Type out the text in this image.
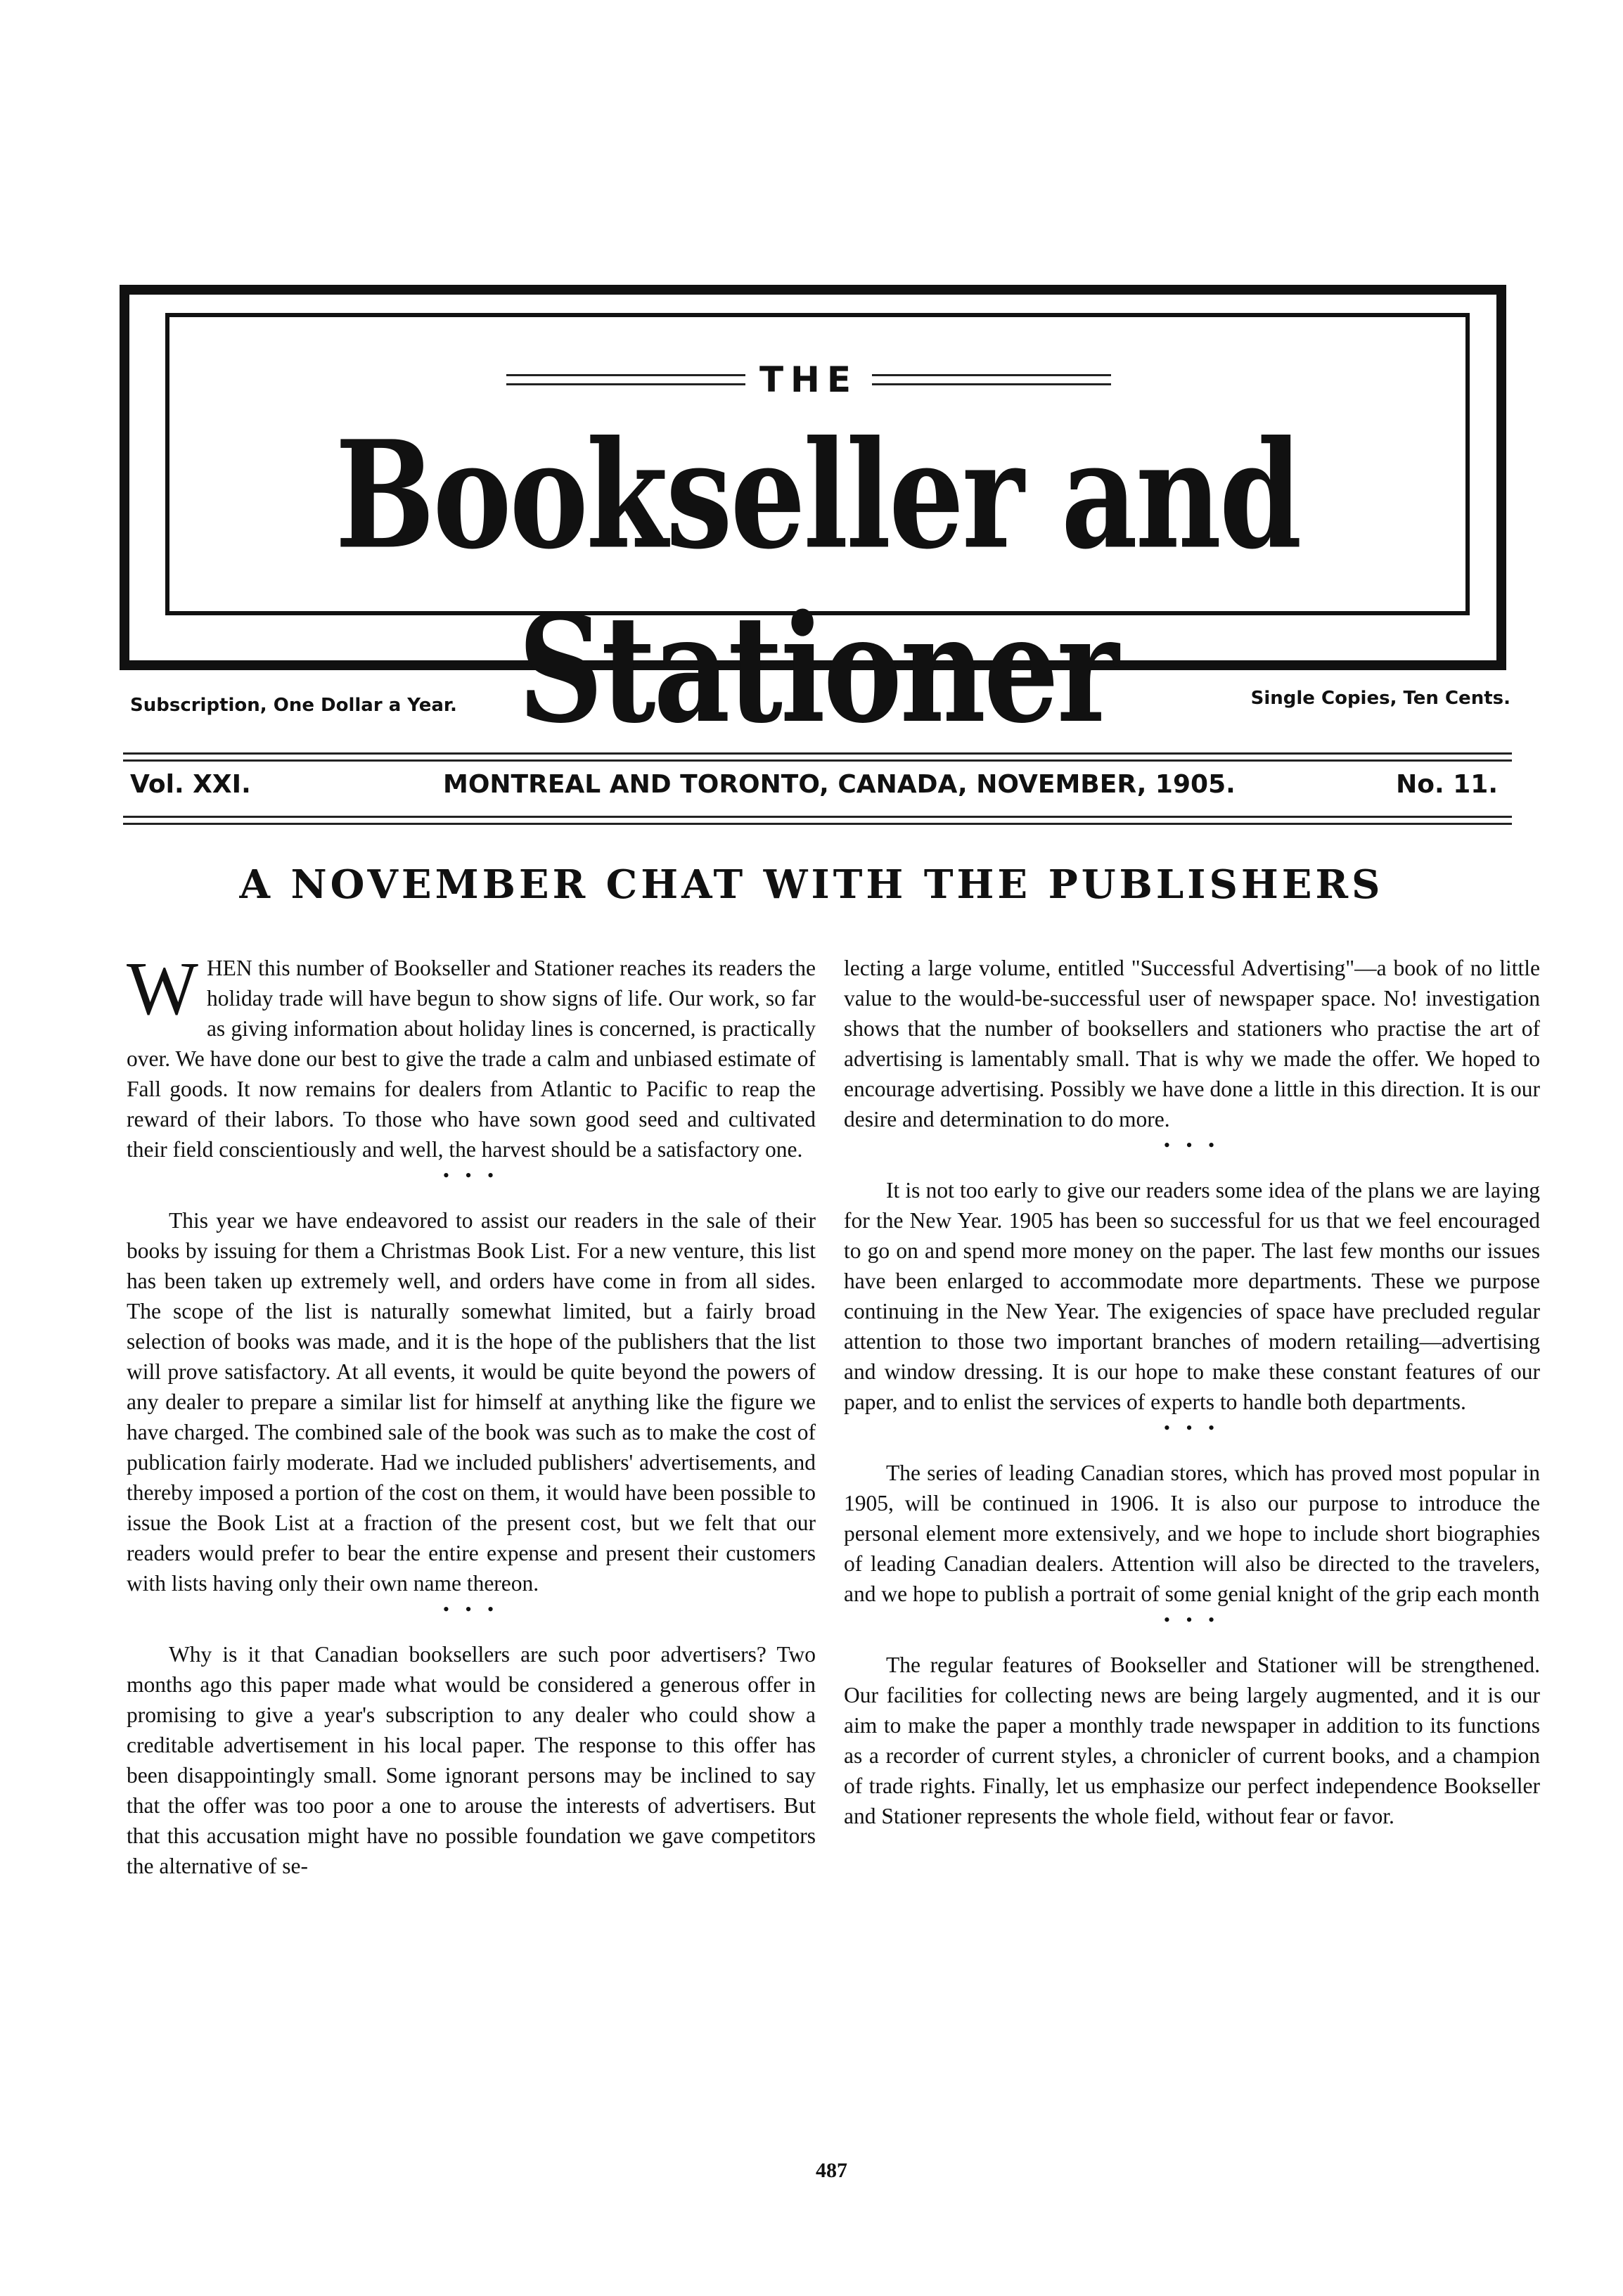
THE
Bookseller and Stationer
Subscription, One Dollar a Year.	Single Copies, Ten Cents.
Vol. XXI.	MONTREAL AND TORONTO, CANADA, NOVEMBER, 1905.	No. 11.
A NOVEMBER CHAT WITH THE PUBLISHERS

WHEN this number of Bookseller and Stationer reaches its readers the holiday trade will have begun to show signs of life. Our work, so far as giving information about holiday lines is concerned, is practically over. We have done our best to give the trade a calm and unbiased estimate of Fall goods. It now remains for dealers from Atlantic to Pacific to reap the reward of their labors. To those who have sown good seed and cultivated their field conscientiously and well, the harvest should be a satisfactory one.

• • •

This year we have endeavored to assist our readers in the sale of their books by issuing for them a Christmas Book List. For a new venture, this list has been taken up extremely well, and orders have come in from all sides. The scope of the list is naturally somewhat limited, but a fairly broad selection of books was made, and it is the hope of the publishers that the list will prove satisfactory. At all events, it would be quite beyond the powers of any dealer to prepare a similar list for himself at anything like the figure we have charged. The combined sale of the book was such as to make the cost of publication fairly moderate. Had we included publishers' advertisements, and thereby imposed a portion of the cost on them, it would have been possible to issue the Book List at a fraction of the present cost, but we felt that our readers would prefer to bear the entire expense and present their customers with lists having only their own name thereon.

• • •

Why is it that Canadian booksellers are such poor advertisers? Two months ago this paper made what would be considered a generous offer in promising to give a year's subscription to any dealer who could show a creditable advertisement in his local paper. The response to this offer has been disappointingly small. Some ignorant persons may be inclined to say that the offer was too poor a one to arouse the interests of advertisers. But that this accusation might have no possible foundation we gave competitors the alternative of se-

lecting a large volume, entitled "Successful Advertising"—a book of no little value to the would-be-successful user of newspaper space. No! investigation shows that the number of booksellers and stationers who practise the art of advertising is lamentably small. That is why we made the offer. We hoped to encourage advertising. Possibly we have done a little in this direction. It is our desire and determination to do more.

• • •

It is not too early to give our readers some idea of the plans we are laying for the New Year. 1905 has been so successful for us that we feel encouraged to go on and spend more money on the paper. The last few months our issues have been enlarged to accommodate more departments. These we purpose continuing in the New Year. The exigencies of space have precluded regular attention to those two important branches of modern retailing—advertising and window dressing. It is our hope to make these constant features of our paper, and to enlist the services of experts to handle both departments.

• • •

The series of leading Canadian stores, which has proved most popular in 1905, will be continued in 1906. It is also our purpose to introduce the personal element more extensively, and we hope to include short biographies of leading Canadian dealers. Attention will also be directed to the travelers, and we hope to publish a portrait of some genial knight of the grip each month

• • •

The regular features of Bookseller and Stationer will be strengthened. Our facilities for collecting news are being largely augmented, and it is our aim to make the paper a monthly trade newspaper in addition to its functions as a recorder of current styles, a chronicler of current books, and a champion of trade rights. Finally, let us emphasize our perfect independence Bookseller and Stationer represents the whole field, without fear or favor.

487
